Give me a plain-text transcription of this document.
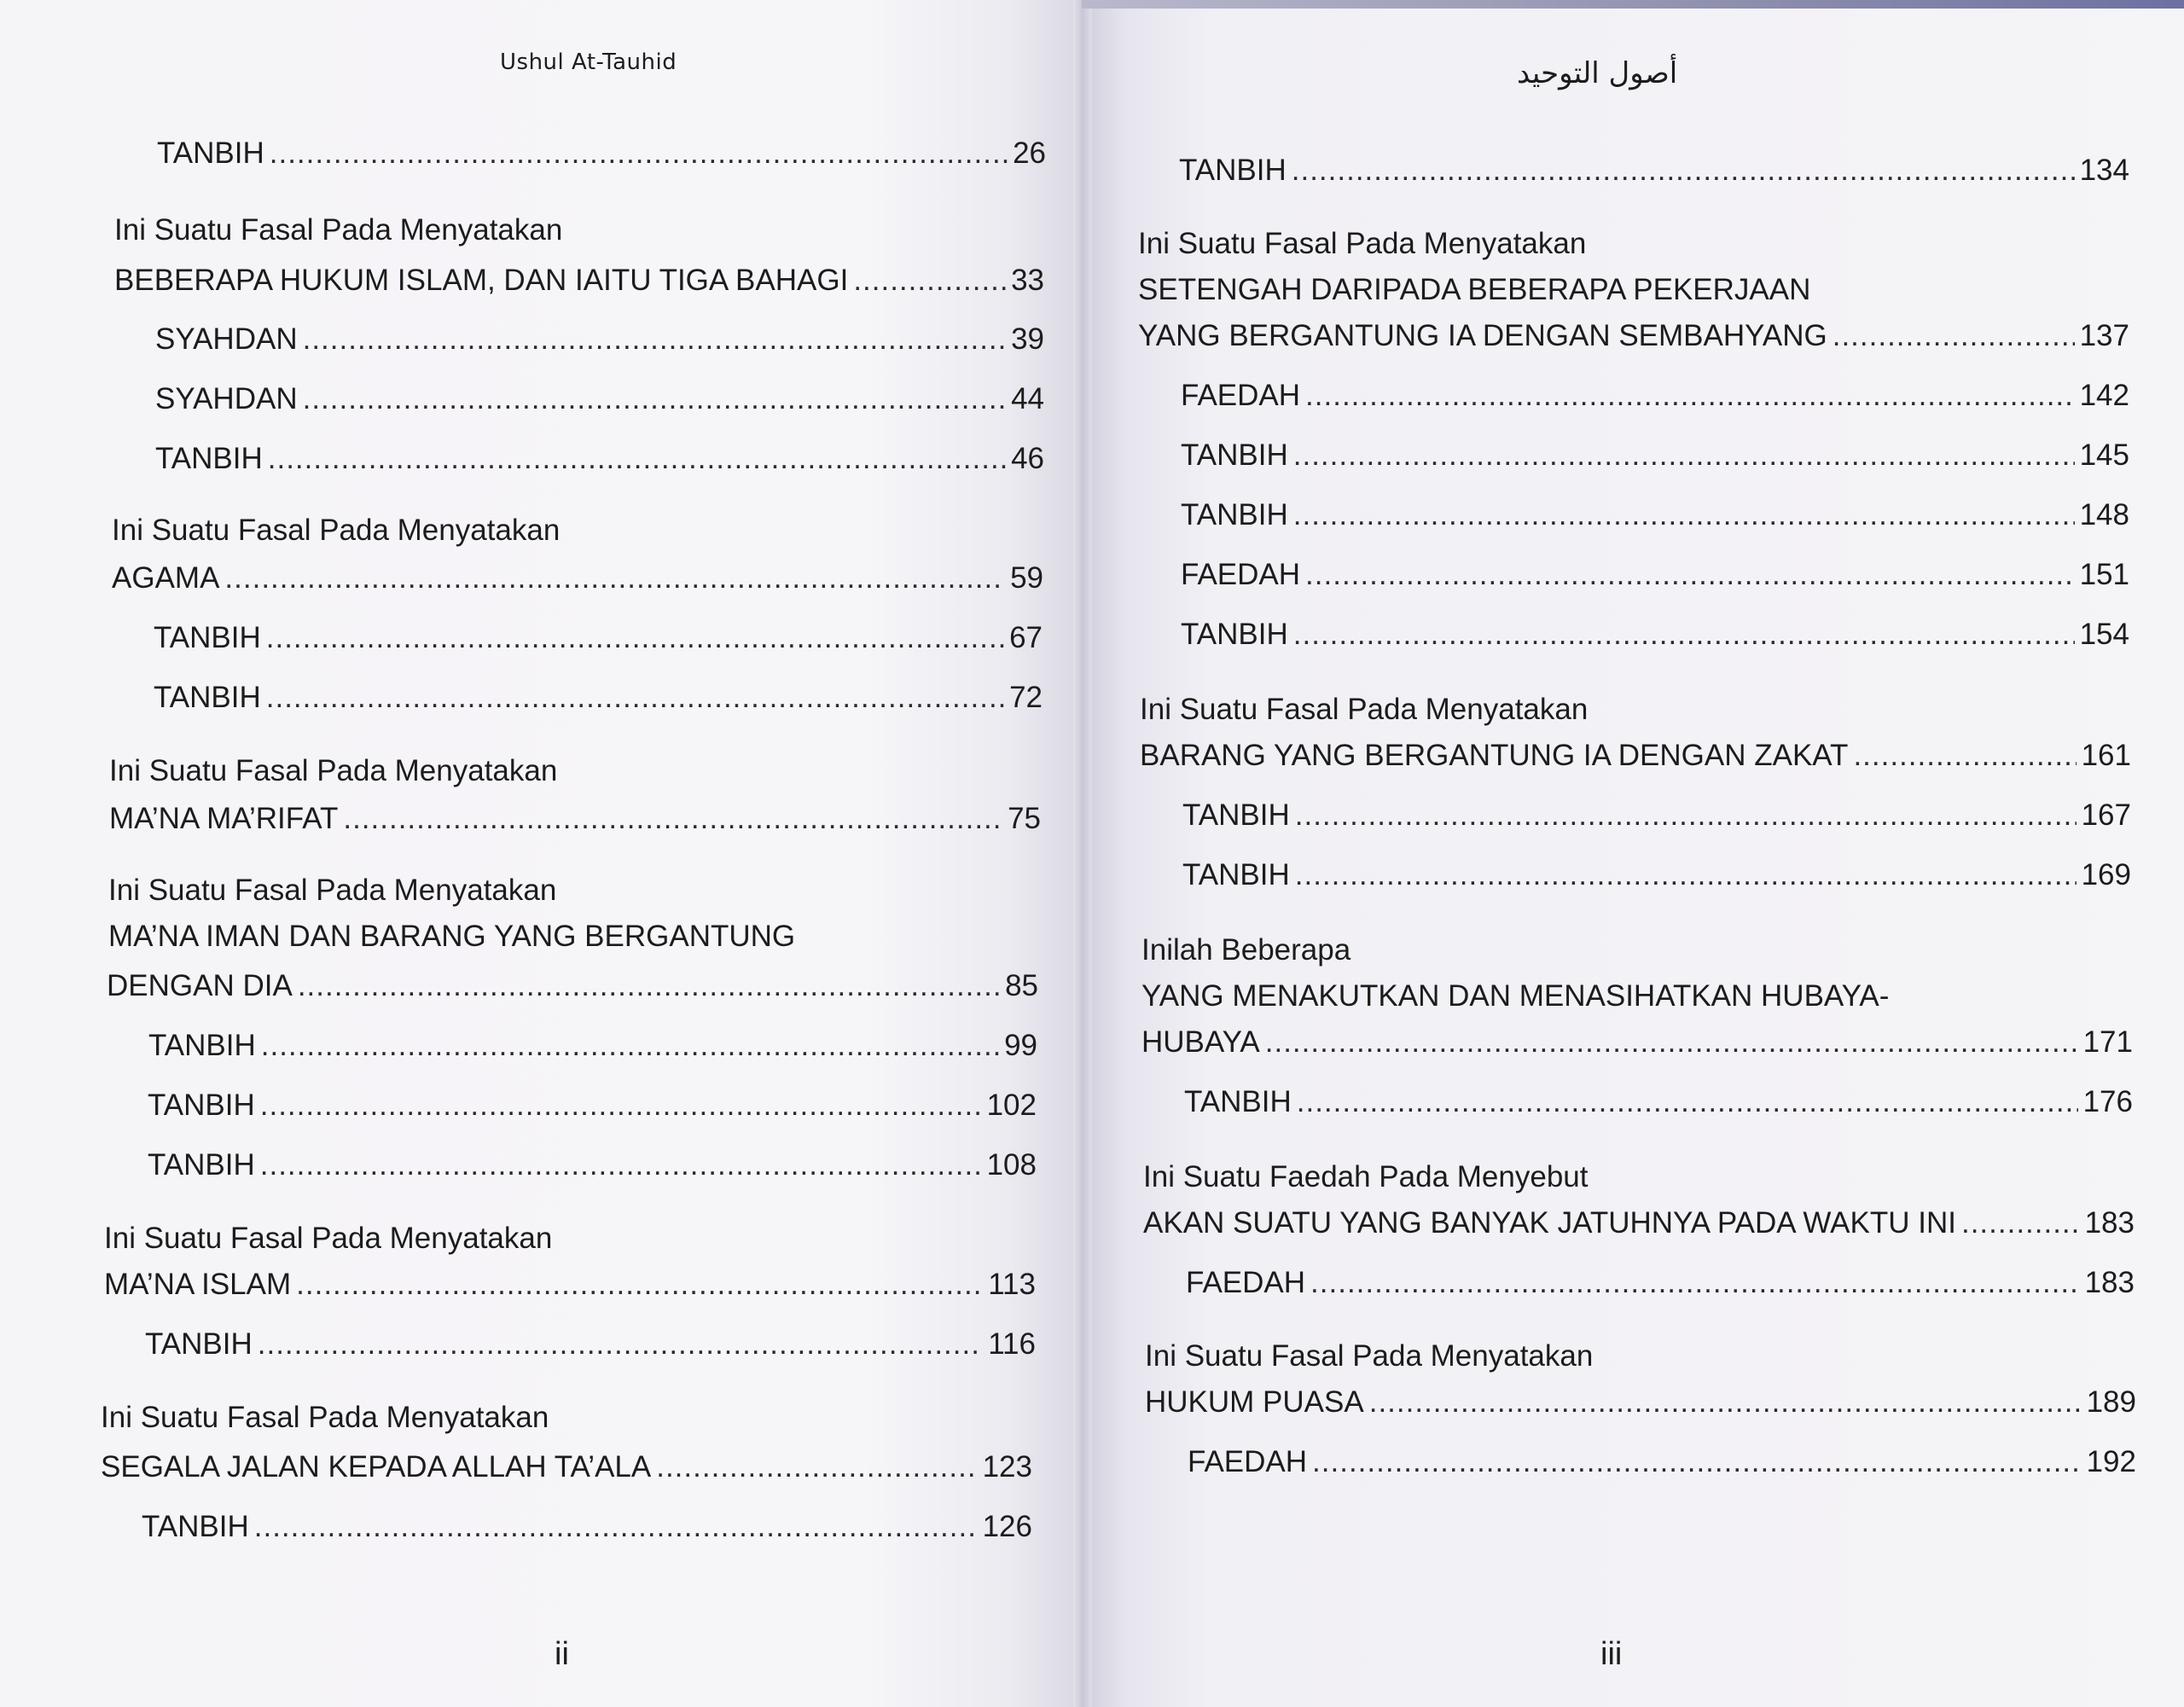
Ushul At-Tauhid	أصول التوحيد
TANBIH .....	26
Ini Suatu Fasal Pada Menyatakan
BEBERAPA HUKUM ISLAM, DAN IAITU TIGA BAHAGI .....	33
SYAHDAN .....	39
SYAHDAN .....	44
TANBIH .....	46
Ini Suatu Fasal Pada Menyatakan
AGAMA .....	59
TANBIH .....	67
TANBIH .....	72
Ini Suatu Fasal Pada Menyatakan
MA’NA MA’RIFAT .....	75
Ini Suatu Fasal Pada Menyatakan
MA’NA IMAN DAN BARANG YANG BERGANTUNG
DENGAN DIA .....	85
TANBIH .....	99
TANBIH .....	102
TANBIH .....	108
Ini Suatu Fasal Pada Menyatakan
MA’NA ISLAM .....	113
TANBIH .....	116
Ini Suatu Fasal Pada Menyatakan
SEGALA JALAN KEPADA ALLAH TA’ALA .....	123
TANBIH .....	126
TANBIH .....	134
Ini Suatu Fasal Pada Menyatakan
SETENGAH DARIPADA BEBERAPA PEKERJAAN
YANG BERGANTUNG IA DENGAN SEMBAHYANG .....	137
FAEDAH .....	142
TANBIH .....	145
TANBIH .....	148
FAEDAH .....	151
TANBIH .....	154
Ini Suatu Fasal Pada Menyatakan
BARANG YANG BERGANTUNG IA DENGAN ZAKAT .....	161
TANBIH .....	167
TANBIH .....	169
Inilah Beberapa
YANG MENAKUTKAN DAN MENASIHATKAN HUBAYA-
HUBAYA .....	171
TANBIH .....	176
Ini Suatu Faedah Pada Menyebut
AKAN SUATU YANG BANYAK JATUHNYA PADA WAKTU INI .....	183
FAEDAH .....	183
Ini Suatu Fasal Pada Menyatakan
HUKUM PUASA .....	189
FAEDAH .....	192
ii	iii
